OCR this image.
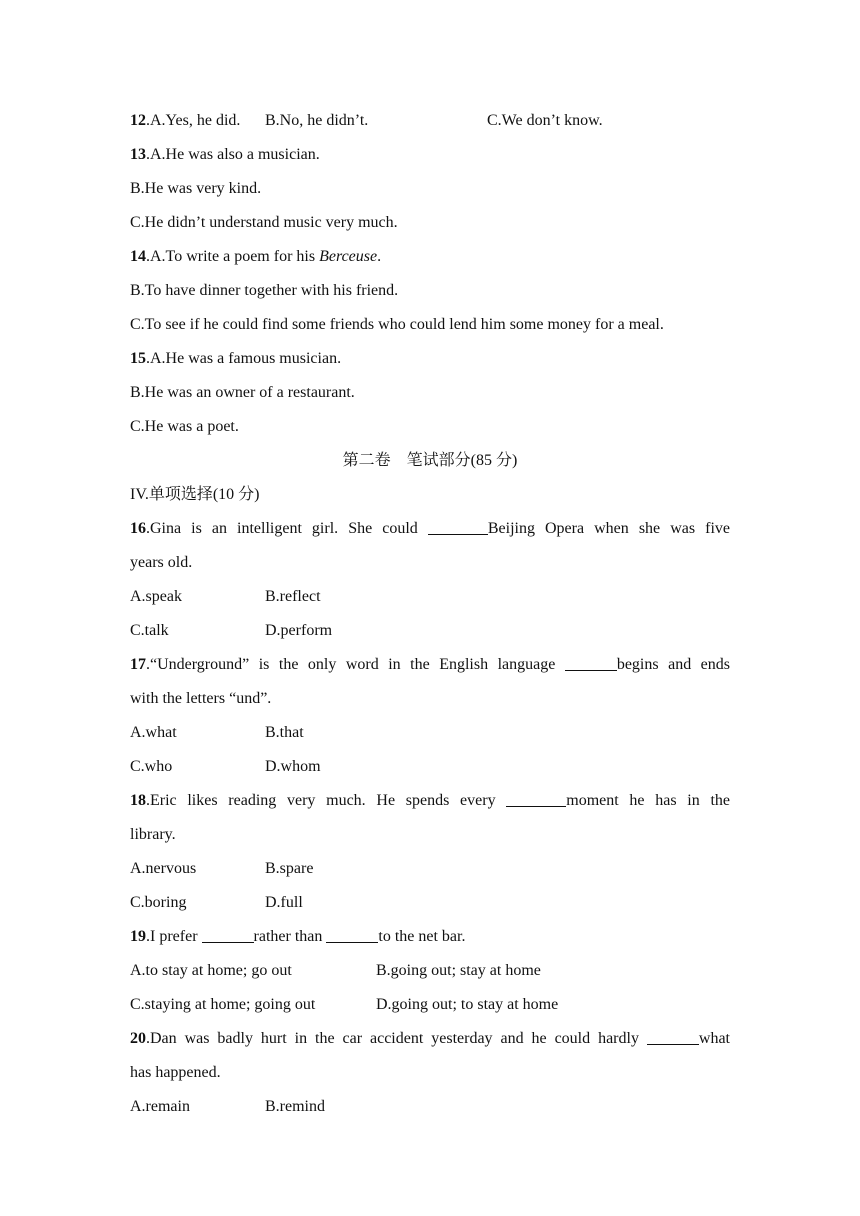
12.A.Yes, he did. B.No, he didn’t.	C.We don’t know.
13.A.He was also a musician.
B.He was very kind.
C.He didn’t understand music very much.
14.A.To write a poem for his Berceuse.
B.To have dinner together with his friend.
C.To see if he could find some friends who could lend him some money for a meal.
15.A.He was a famous musician.
B.He was an owner of a restaurant.
C.He was a poet.
第二卷　笔试部分(85 分)
IV.单项选择(10 分)
16.Gina is an intelligent girl. She could	Beijing Opera when she was five
years old.
A.speak	B.reflect
C.talk	D.perform
17.“Underground” is the only word in the English language	begins and ends
with the letters “und”.
A.what	B.that
C.who	D.whom
18.Eric likes reading very much. He spends every	moment he has in the
library.
A.nervous	B.spare
C.boring	D.full
19.I prefer	rather than	to the net bar.
A.to stay at home; go out	B.going out; stay at home
C.staying at home; going out	D.going out; to stay at home
20.Dan was badly hurt in the car accident yesterday and he could hardly	what
has happened.
A.remain	B.remind
